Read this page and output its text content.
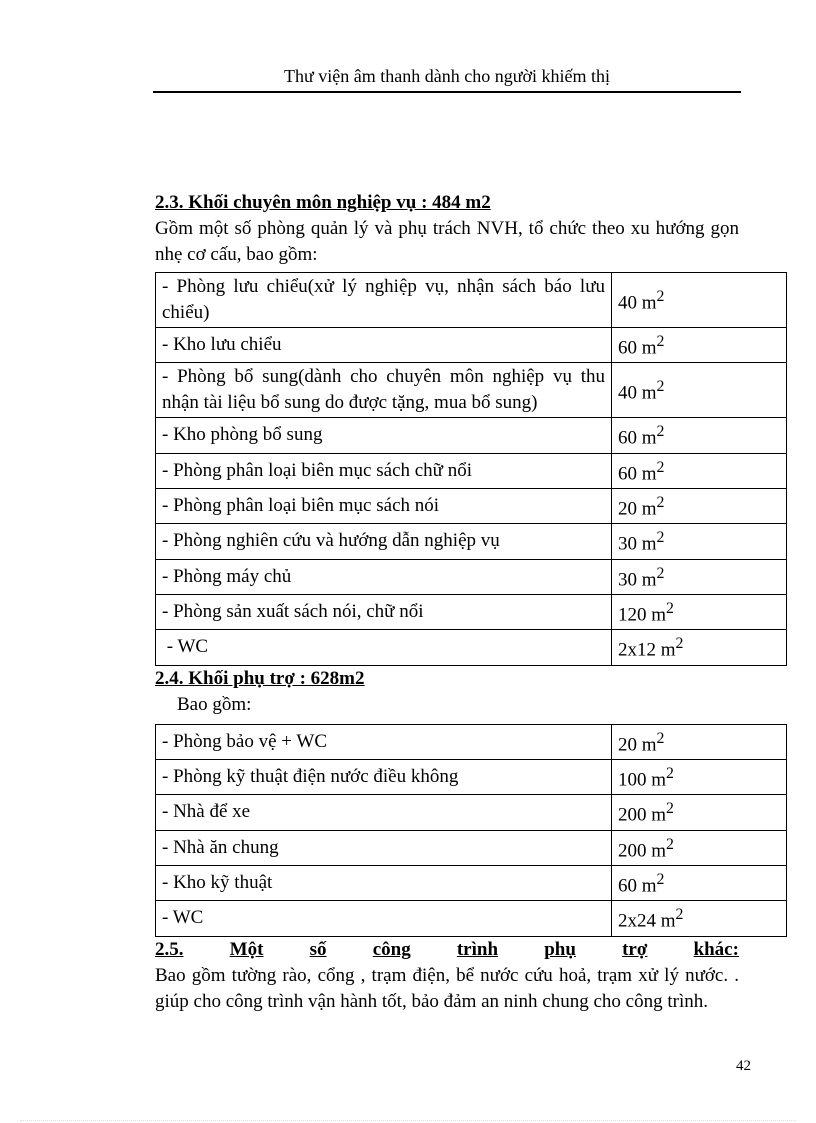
Thư viện âm thanh dành cho người khiếm thị
2.3. Khối chuyên môn nghiệp vụ : 484 m2
Gồm một số phòng quản lý và phụ trách NVH, tổ chức theo xu hướng gọn nhẹ cơ cấu, bao gồm:
- Phòng lưu chiểu(xử lý nghiệp vụ, nhận sách báo lưu chiểu)	40 $m^2$
- Kho lưu chiểu	60 $m^2$
- Phòng bổ sung(dành cho chuyên môn nghiệp vụ thu nhận tài liệu bổ sung do được tặng, mua bổ sung)	40 $m^2$
- Kho phòng bổ sung	60 $m^2$
- Phòng phân loại biên mục sách chữ nổi	60 $m^2$
- Phòng phân loại biên mục sách nói	20 $m^2$
- Phòng nghiên cứu và hướng dẫn nghiệp vụ	30 $m^2$
- Phòng máy chủ	30 $m^2$
- Phòng sản xuất sách nói, chữ nổi	120 $m^2$
- WC	2x12 $m^2$
2.4. Khối phụ trợ : 628m2
Bao gồm:
- Phòng bảo vệ + WC	20 $m^2$
- Phòng kỹ thuật điện nước điều không	100 $m^2$
- Nhà để xe	200 $m^2$
- Nhà ăn chung	200 $m^2$
- Kho kỹ thuật	60 $m^2$
- WC	2x24 $m^2$
2.5. Một số công trình phụ trợ khác:
Bao gồm tường rào, cổng , trạm điện, bể nước cứu hoả, trạm xử lý nước. . giúp cho công trình vận hành tốt, bảo đảm an ninh chung cho công trình.
42
